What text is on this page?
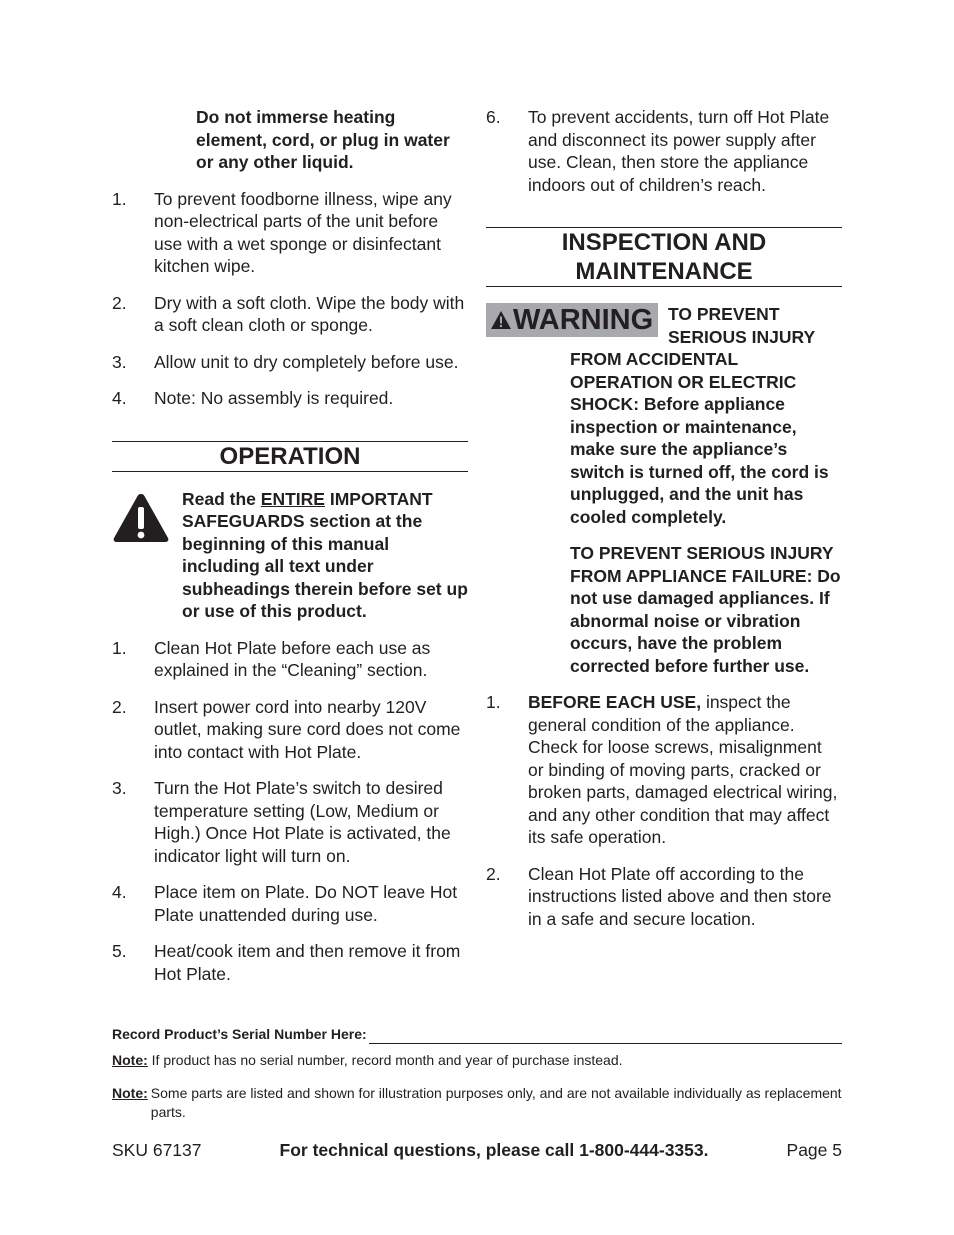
Do not immerse heating element, cord, or plug in water or any other liquid.

1. To prevent foodborne illness, wipe any non-electrical parts of the unit before use with a wet sponge or disinfectant kitchen wipe.

2. Dry with a soft cloth. Wipe the body with a soft clean cloth or sponge.

3. Allow unit to dry completely before use.

4. Note: No assembly is required.

OPERATION

Read the ENTIRE IMPORTANT SAFEGUARDS section at the beginning of this manual including all text under subheadings therein before set up or use of this product.

1. Clean Hot Plate before each use as explained in the “Cleaning” section.

2. Insert power cord into nearby 120V outlet, making sure cord does not come into contact with Hot Plate.

3. Turn the Hot Plate’s switch to desired temperature setting (Low, Medium or High.) Once Hot Plate is activated, the indicator light will turn on.

4. Place item on Plate. Do NOT leave Hot Plate unattended during use.

5. Heat/cook item and then remove it from Hot Plate.

6. To prevent accidents, turn off Hot Plate and disconnect its power supply after use. Clean, then store the appliance indoors out of children’s reach.

INSPECTION AND
MAINTENANCE
WARNING TO PREVENT SERIOUS INJURY

FROM ACCIDENTAL OPERATION OR ELECTRIC SHOCK: Before appliance inspection or maintenance, make sure the appliance’s switch is turned off, the cord is unplugged, and the unit has cooled completely.

TO PREVENT SERIOUS INJURY FROM APPLIANCE FAILURE: Do not use damaged appliances. If abnormal noise or vibration occurs, have the problem corrected before further use.

1. BEFORE EACH USE, inspect the general condition of the appliance. Check for loose screws, misalignment or binding of moving parts, cracked or broken parts, damaged electrical wiring, and any other condition that may affect its safe operation.

2. Clean Hot Plate off according to the instructions listed above and then store in a safe and secure location.

Record Product’s Serial Number Here:
Note: If product has no serial number, record month and year of purchase instead.
Note: Some parts are listed and shown for illustration purposes only, and are not available individually as replacement parts.
SKU 67137	For technical questions, please call 1-800-444-3353.	Page 5
